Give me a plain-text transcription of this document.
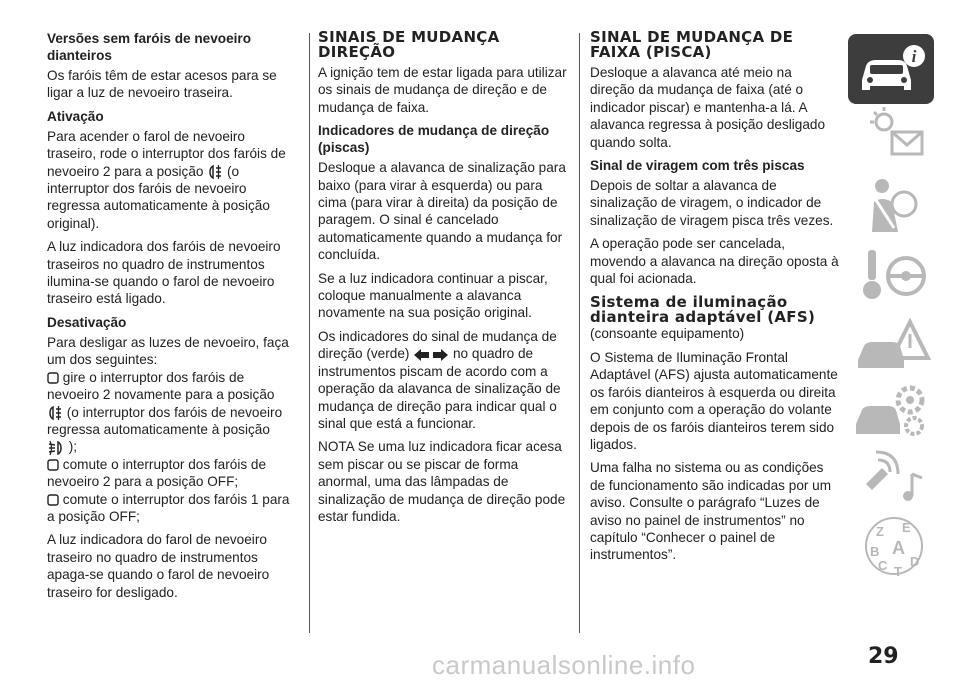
Versões sem faróis de nevoeiro dianteiros

Os faróis têm de estar acesos para se ligar a luz de nevoeiro traseira.

Ativação

Para acender o farol de nevoeiro traseiro, rode o interruptor dos faróis de nevoeiro 2 para a posição (o interruptor dos faróis de nevoeiro regressa automaticamente à posição original).

A luz indicadora dos faróis de nevoeiro traseiros no quadro de instrumentos ilumina-se quando o farol de nevoeiro traseiro está ligado.

Desativação

Para desligar as luzes de nevoeiro, faça um dos seguintes:

gire o interruptor dos faróis de nevoeiro 2 novamente para a posição
(o interruptor dos faróis de nevoeiro regressa automaticamente à posição
);
comute o interruptor dos faróis de nevoeiro 2 para a posição OFF;
comute o interruptor dos faróis 1 para a posição OFF;

A luz indicadora do farol de nevoeiro traseiro no quadro de instrumentos apaga-se quando o farol de nevoeiro traseiro for desligado.

SINAIS DE MUDANÇA DIREÇÃO

A ignição tem de estar ligada para utilizar os sinais de mudança de direção e de mudança de faixa.

Indicadores de mudança de direção (piscas)

Desloque a alavanca de sinalização para baixo (para virar à esquerda) ou para cima (para virar à direita) da posição de paragem. O sinal é cancelado automaticamente quando a mudança for concluída.

Se a luz indicadora continuar a piscar, coloque manualmente a alavanca novamente na sua posição original.

Os indicadores do sinal de mudança de direção (verde)	no quadro de instrumentos piscam de acordo com a operação da alavanca de sinalização de mudança de direção para indicar qual o sinal que está a funcionar.

NOTA Se uma luz indicadora ficar acesa sem piscar ou se piscar de forma anormal, uma das lâmpadas de sinalização de mudança de direção pode estar fundida.

SINAL DE MUDANÇA DE FAIXA (PISCA)

Desloque a alavanca até meio na direção da mudança de faixa (até o indicador piscar) e mantenha-a lá. A alavanca regressa à posição desligado quando solta.

Sinal de viragem com três piscas

Depois de soltar a alavanca de sinalização de viragem, o indicador de sinalização de viragem pisca três vezes.

A operação pode ser cancelada, movendo a alavanca na direção oposta à qual foi acionada.

Sistema de iluminação dianteira adaptável (AFS)

(consoante equipamento)

O Sistema de Iluminação Frontal Adaptável (AFS) ajusta automaticamente os faróis dianteiros à esquerda ou direita em conjunto com a operação do volante depois de os faróis dianteiros terem sido ligados.

Uma falha no sistema ou as condições de funcionamento são indicadas por um aviso. Consulte o parágrafo “Luzes de aviso no painel de instrumentos” no capítulo “Conhecer o painel de instrumentos”.

i
Z E
B A
C T
D
carmanualsonline.info	29
